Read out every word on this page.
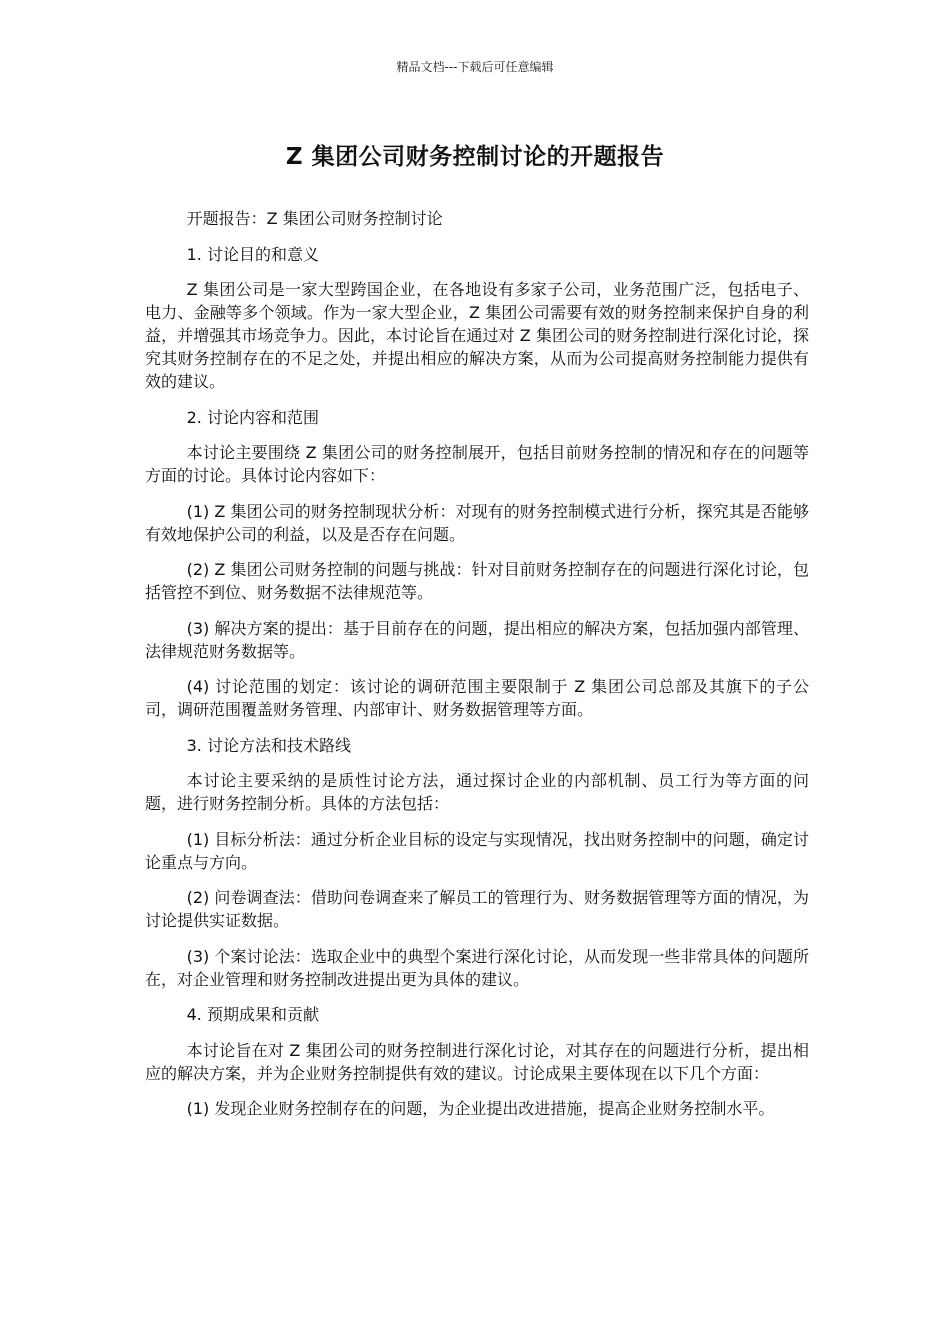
精品文档---下载后可任意编辑
Z 集团公司财务控制讨论的开题报告

开题报告：Z 集团公司财务控制讨论

1. 讨论目的和意义

Z 集团公司是一家大型跨国企业，在各地设有多家子公司，业务范围广泛，包括电子、电力、金融等多个领域。作为一家大型企业，Z 集团公司需要有效的财务控制来保护自身的利益，并增强其市场竞争力。因此，本讨论旨在通过对 Z 集团公司的财务控制进行深化讨论，探究其财务控制存在的不足之处，并提出相应的解决方案，从而为公司提高财务控制能力提供有效的建议。

2. 讨论内容和范围

本讨论主要围绕 Z 集团公司的财务控制展开，包括目前财务控制的情况和存在的问题等方面的讨论。具体讨论内容如下：

(1) Z 集团公司的财务控制现状分析：对现有的财务控制模式进行分析，探究其是否能够有效地保护公司的利益，以及是否存在问题。

(2) Z 集团公司财务控制的问题与挑战：针对目前财务控制存在的问题进行深化讨论，包括管控不到位、财务数据不法律规范等。

(3) 解决方案的提出：基于目前存在的问题，提出相应的解决方案，包括加强内部管理、法律规范财务数据等。

(4) 讨论范围的划定：该讨论的调研范围主要限制于 Z 集团公司总部及其旗下的子公司，调研范围覆盖财务管理、内部审计、财务数据管理等方面。

3. 讨论方法和技术路线

本讨论主要采纳的是质性讨论方法，通过探讨企业的内部机制、员工行为等方面的问题，进行财务控制分析。具体的方法包括：

(1) 目标分析法：通过分析企业目标的设定与实现情况，找出财务控制中的问题，确定讨论重点与方向。

(2) 问卷调查法：借助问卷调查来了解员工的管理行为、财务数据管理等方面的情况，为讨论提供实证数据。

(3) 个案讨论法：选取企业中的典型个案进行深化讨论，从而发现一些非常具体的问题所在，对企业管理和财务控制改进提出更为具体的建议。

4. 预期成果和贡献

本讨论旨在对 Z 集团公司的财务控制进行深化讨论，对其存在的问题进行分析，提出相应的解决方案，并为企业财务控制提供有效的建议。讨论成果主要体现在以下几个方面：

(1) 发现企业财务控制存在的问题，为企业提出改进措施，提高企业财务控制水平。
